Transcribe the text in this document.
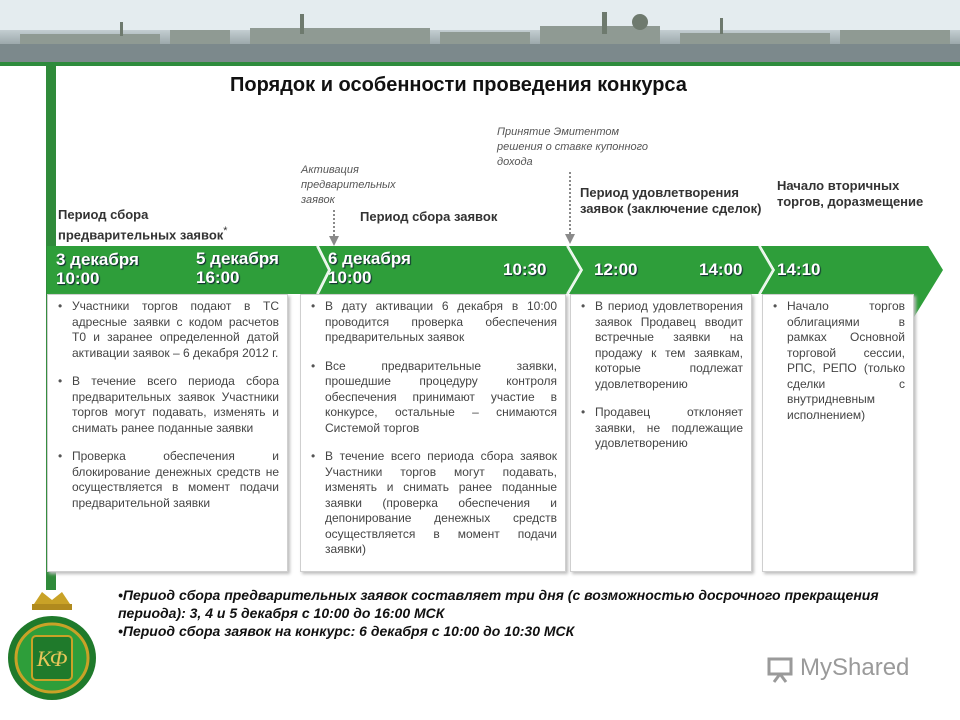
Порядок и особенности проведения конкурса
Период сбора предварительных заявок*
Период сбора заявок
Период удовлетворения заявок (заключение сделок)
Начало вторичных торгов, доразмещение
Активация предварительных заявок
Принятие Эмитентом решения о ставке купонного дохода
3 декабря
10:00
5 декабря
16:00
6 декабря
10:00	10:30	12:00	14:00 14:10
• Участники торгов подают в ТС адресные заявки с кодом расчетов Т0 и заранее определенной датой активации заявок – 6 декабря 2012 г.
• В течение всего периода сбора предварительных заявок Участники торгов могут подавать, изменять и снимать ранее поданные заявки
• Проверка обеспечения и блокирование денежных средств не осуществляется в момент подачи предварительной заявки
• В дату активации 6 декабря в 10:00 проводится проверка обеспечения предварительных заявок
• Все предварительные заявки, прошедшие процедуру контроля обеспечения принимают участие в конкурсе, остальные – снимаются Системой торгов
• В течение всего периода сбора заявок Участники торгов могут подавать, изменять и снимать ранее поданные заявки (проверка обеспечения и депонирование денежных средств осуществляется в момент подачи заявки)
• В период удовлетворения заявок Продавец вводит встречные заявки на продажу к тем заявкам, которые подлежат удовлетворению
• Продавец отклоняет заявки, не подлежащие удовлетворению
• Начало торгов облигациями в рамках Основной торговой сессии, РПС, РЕПО (только сделки с внутридневным исполнением)
•Период сбора предварительных заявок составляет три дня (с возможностью досрочного прекращения периода): 3, 4 и 5 декабря с 10:00 до 16:00 МСК
•Период сбора заявок на конкурс: 6 декабря с 10:00 до 10:30 МСК
КФ	MyShared
